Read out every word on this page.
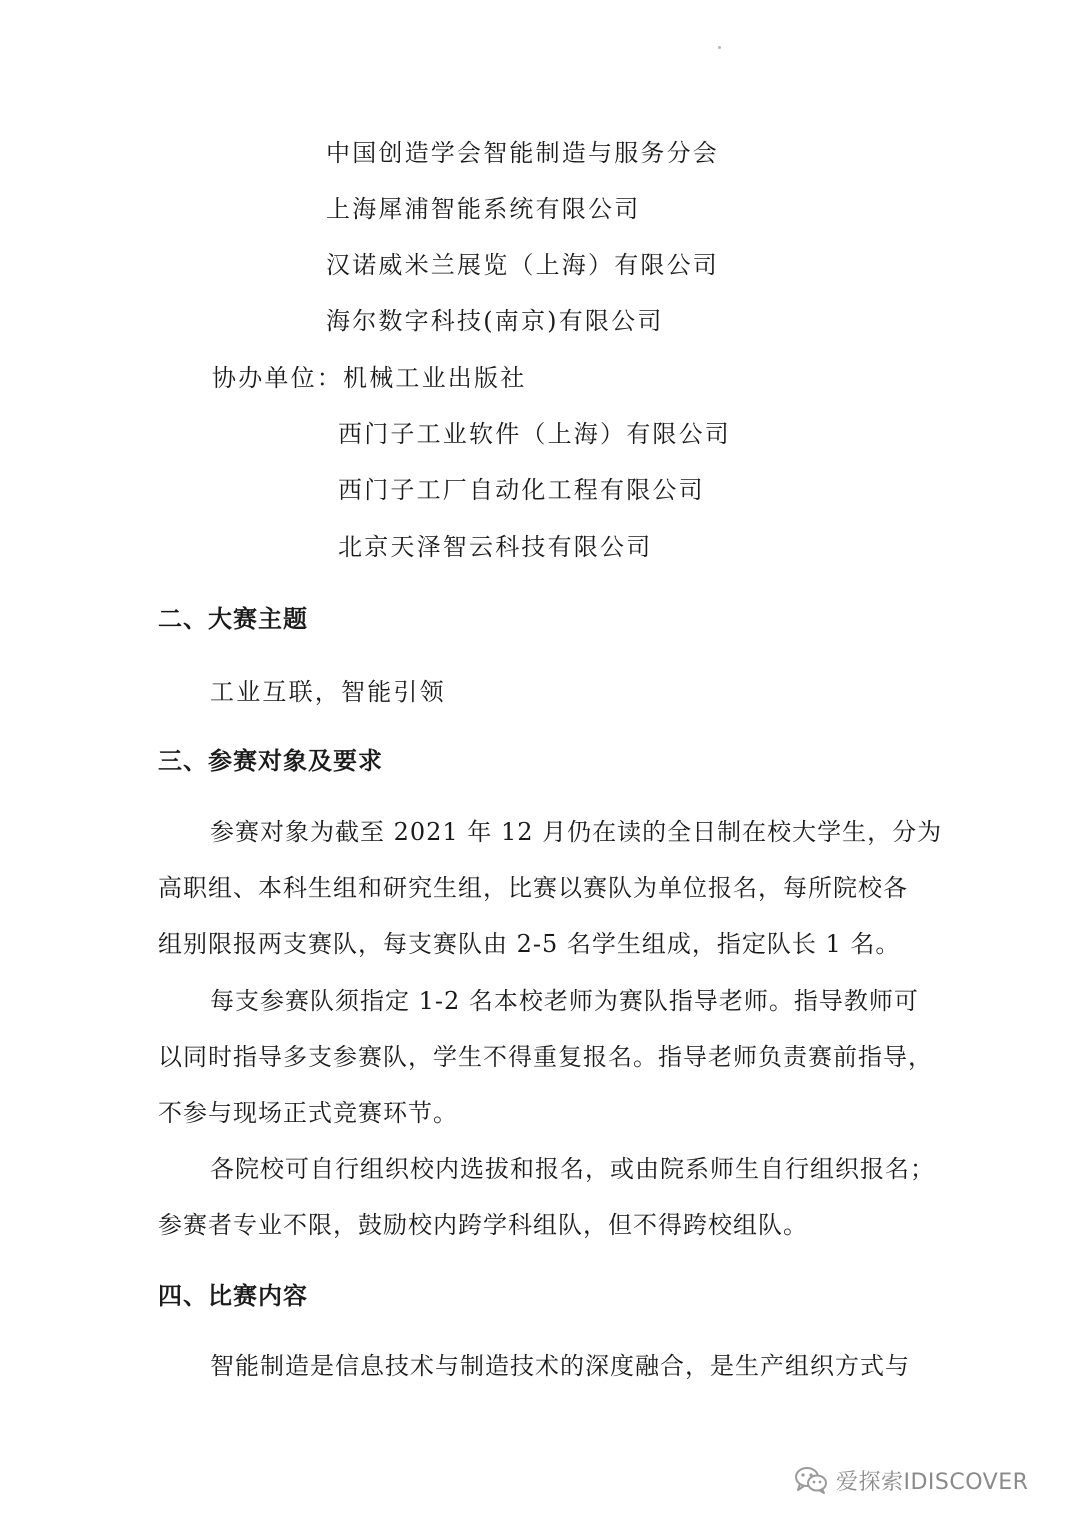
中国创造学会智能制造与服务分会
上海犀浦智能系统有限公司
汉诺威米兰展览（上海）有限公司
海尔数字科技(南京)有限公司
协办单位：机械工业出版社
西门子工业软件（上海）有限公司
西门子工厂自动化工程有限公司
北京天泽智云科技有限公司
二、大赛主题
工业互联，智能引领
三、参赛对象及要求
参赛对象为截至 2021 年 12 月仍在读的全日制在校大学生，分为
高职组、本科生组和研究生组，比赛以赛队为单位报名，每所院校各
组别限报两支赛队，每支赛队由 2-5 名学生组成，指定队长 1 名。
每支参赛队须指定 1-2 名本校老师为赛队指导老师。指导教师可
以同时指导多支参赛队，学生不得重复报名。指导老师负责赛前指导，
不参与现场正式竞赛环节。
各院校可自行组织校内选拔和报名，或由院系师生自行组织报名；
参赛者专业不限，鼓励校内跨学科组队，但不得跨校组队。
四、比赛内容
智能制造是信息技术与制造技术的深度融合，是生产组织方式与
爱探索IDISCOVER
